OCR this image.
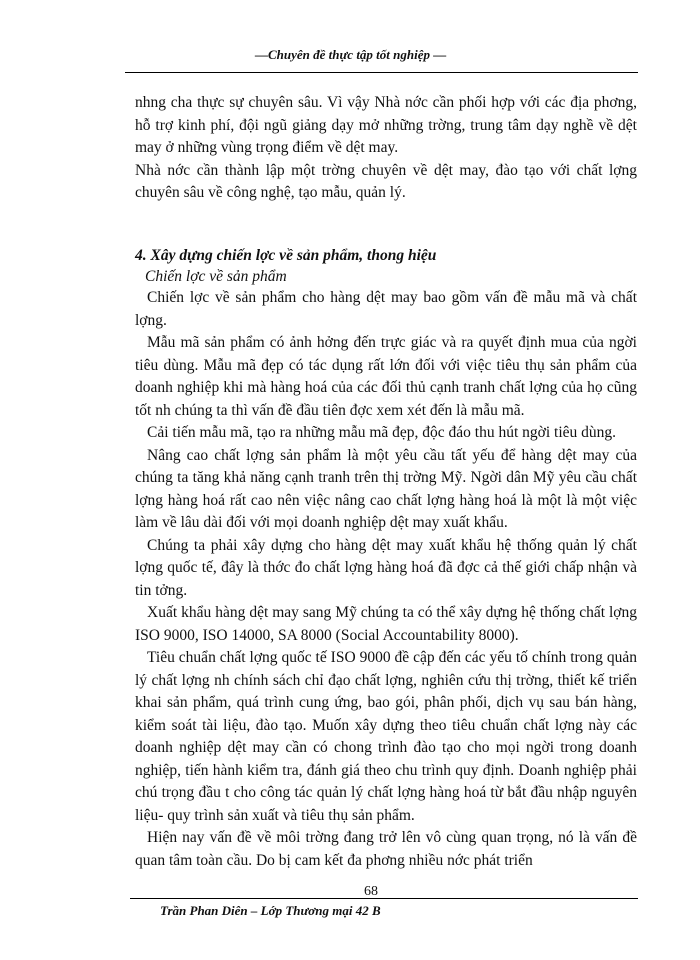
—Chuyên đề thực tập tốt nghiệp —

nhng cha thực sự chuyên sâu. Vì vậy Nhà nớc cần phối hợp với các địa phơng, hỗ trợ kinh phí, đội ngũ giảng dạy mở những trờng, trung tâm dạy nghề về dệt may ở những vùng trọng điểm về dệt may.

Nhà nớc cần thành lập một trờng chuyên về dệt may, đào tạo với chất lợng chuyên sâu về công nghệ, tạo mẫu, quản lý.

4. Xây dựng chiến lợc về sản phẩm, thong hiệu

Chiến lợc về sản phẩm

Chiến lợc về sản phẩm cho hàng dệt may bao gồm vấn đề mẫu mã và chất lợng.

Mẫu mã sản phẩm có ảnh hởng đến trực giác và ra quyết định mua của ngời tiêu dùng. Mẫu mã đẹp có tác dụng rất lớn đối với việc tiêu thụ sản phẩm của doanh nghiệp khi mà hàng hoá của các đối thủ cạnh tranh chất lợng của họ cũng tốt nh chúng ta thì vấn đề đầu tiên đợc xem xét đến là mẫu mã.

Cải tiến mẫu mã, tạo ra những mẫu mã đẹp, độc đáo thu hút ngời tiêu dùng.

Nâng cao chất lợng sản phẩm là một yêu cầu tất yếu để hàng dệt may của chúng ta tăng khả năng cạnh tranh trên thị trờng Mỹ. Ngời dân Mỹ yêu cầu chất lợng hàng hoá rất cao nên việc nâng cao chất lợng hàng hoá là một là một việc làm về lâu dài đối với mọi doanh nghiệp dệt may xuất khẩu.

Chúng ta phải xây dựng cho hàng dệt may xuất khẩu hệ thống quản lý chất lợng quốc tế, đây là thớc đo chất lợng hàng hoá đã đợc cả thế giới chấp nhận và tin tởng.

Xuất khẩu hàng dệt may sang Mỹ chúng ta có thể xây dựng hệ thống chất lợng ISO 9000, ISO 14000, SA 8000 (Social Accountability 8000).

Tiêu chuẩn chất lợng quốc tế ISO 9000 đề cập đến các yếu tố chính trong quản lý chất lợng nh chính sách chỉ đạo chất lợng, nghiên cứu thị trờng, thiết kế triển khai sản phẩm, quá trình cung ứng, bao gói, phân phối, dịch vụ sau bán hàng, kiểm soát tài liệu, đào tạo. Muốn xây dựng theo tiêu chuẩn chất lợng này các doanh nghiệp dệt may cần có chong trình đào tạo cho mọi ngời trong doanh nghiệp, tiến hành kiểm tra, đánh giá theo chu trình quy định. Doanh nghiệp phải chú trọng đầu t cho công tác quản lý chất lợng hàng hoá từ bắt đầu nhập nguyên liệu- quy trình sản xuất và tiêu thụ sản phẩm.

Hiện nay vấn đề về môi trờng đang trở lên vô cùng quan trọng, nó là vấn đề quan tâm toàn cầu. Do bị cam kết đa phơng nhiều nớc phát triển

68
Trần Phan Diên – Lớp Thương mại 42 B
